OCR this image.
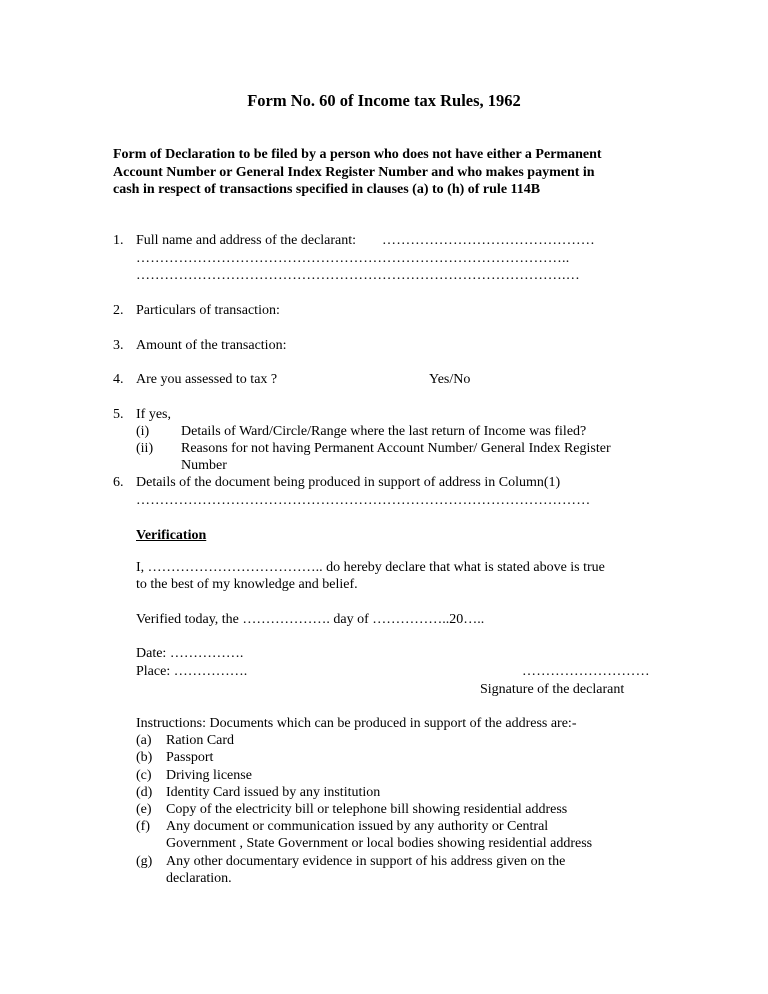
Form No. 60 of Income tax Rules, 1962
Form of Declaration to be filed by a person who does not have either a Permanent
Account Number or General Index Register Number and who makes payment in
cash in respect of transactions specified in clauses (a) to (h) of rule 114B
1. Full name and address of the declarant: ………………………………………
………………………………………………………………………………..
……………………………………………………………………………….…
2. Particulars of transaction:
3. Amount of the transaction:
4. Are you assessed to tax ?	Yes/No
5. If yes,
(i) Details of Ward/Circle/Range where the last return of Income was filed?
(ii) Reasons for not having Permanent Account Number/ General Index Register
Number
6. Details of the document being produced in support of address in Column(1)
……………………………………………………………………………………
Verification
I, ……………………………….. do hereby declare that what is stated above is true
to the best of my knowledge and belief.
Verified today, the ………………. day of ……………..20…..
Date: …………….
Place: …………….	………………………
Signature of the declarant
Instructions: Documents which can be produced in support of the address are:-
(a) Ration Card
(b) Passport
(c) Driving license
(d) Identity Card issued by any institution
(e) Copy of the electricity bill or telephone bill showing residential address
(f) Any document or communication issued by any authority or Central
Government , State Government or local bodies showing residential address
(g) Any other documentary evidence in support of his address given on the
declaration.
